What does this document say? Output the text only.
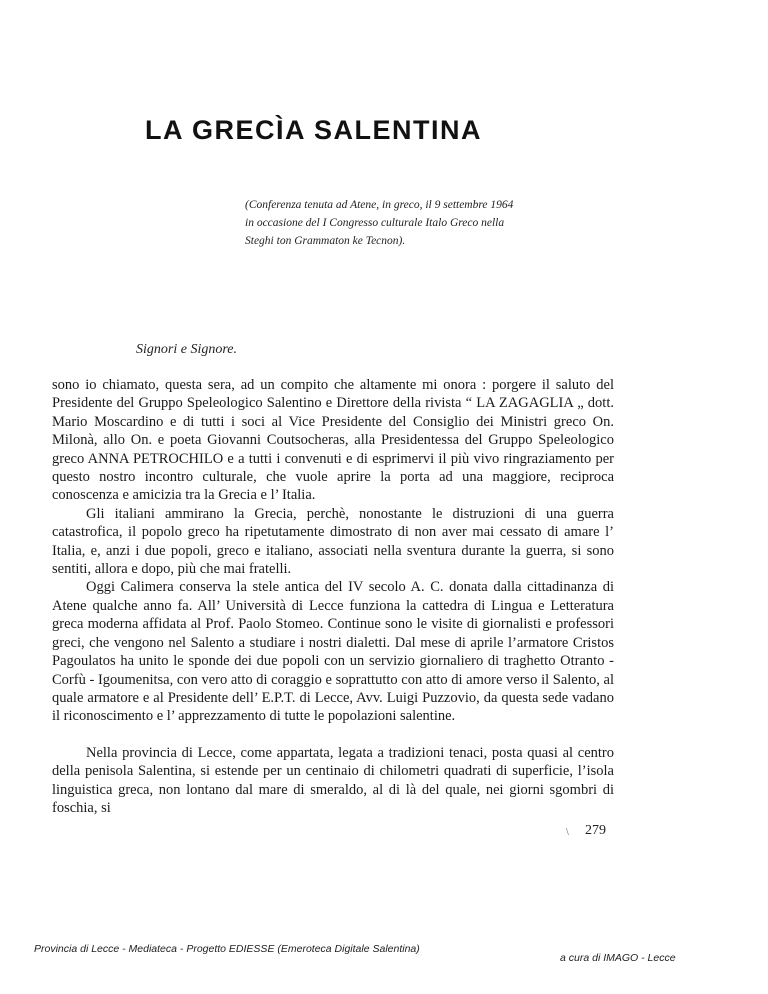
LA GRECÌA SALENTINA
(Conferenza tenuta ad Atene, in greco, il 9 settembre 1964
in occasione del I Congresso culturale Italo Greco nella
Steghi ton Grammaton ke Tecnon).
Signori e Signore.

sono io chiamato, questa sera, ad un compito che altamente mi onora : porgere il saluto del Presidente del Gruppo Speleologico Salentino e Direttore della rivista “ LA ZAGAGLIA „ dott. Mario Moscardino e di tutti i soci al Vice Presidente del Consiglio dei Ministri greco On. Milonà, allo On. e poeta Giovanni Coutsocheras, alla Presidentessa del Gruppo Speleologico greco ANNA PETROCHILO e a tutti i convenuti e di esprimervi il più vivo ringraziamento per questo nostro incontro culturale, che vuole aprire la porta ad una maggiore, reciproca conoscenza e amicizia tra la Grecia e l’ Italia.

Gli italiani ammirano la Grecia, perchè, nonostante le distruzioni di una guerra catastrofica, il popolo greco ha ripetutamente dimostrato di non aver mai cessato di amare l’ Italia, e, anzi i due popoli, greco e italiano, associati nella sventura durante la guerra, si sono sentiti, allora e dopo, più che mai fratelli.

Oggi Calimera conserva la stele antica del IV secolo A. C. donata dalla cittadinanza di Atene qualche anno fa. All’ Università di Lecce funziona la cattedra di Lingua e Letteratura greca moderna affidata al Prof. Paolo Stomeo. Continue sono le visite di giornalisti e professori greci, che vengono nel Salento a studiare i nostri dialetti. Dal mese di aprile l’armatore Cristos Pagoulatos ha unito le sponde dei due popoli con un servizio giornaliero di traghetto Otranto - Corfù - Igoumenitsa, con vero atto di coraggio e soprattutto con atto di amore verso il Salento, al quale armatore e al Presidente dell’ E.P.T. di Lecce, Avv. Luigi Puzzovio, da questa sede vadano il riconoscimento e l’ apprezzamento di tutte le popolazioni salentine.

Nella provincia di Lecce, come appartata, legata a tradizioni tenaci, posta quasi al centro della penisola Salentina, si estende per un centinaio di chilometri quadrati di superficie, l’isola linguistica greca, non lontano dal mare di smeraldo, al di là del quale, nei giorni sgombri di foschia, si

\ 279
Provincia di Lecce - Mediateca - Progetto EDIESSE (Emeroteca Digitale Salentina)
a cura di IMAGO - Lecce
